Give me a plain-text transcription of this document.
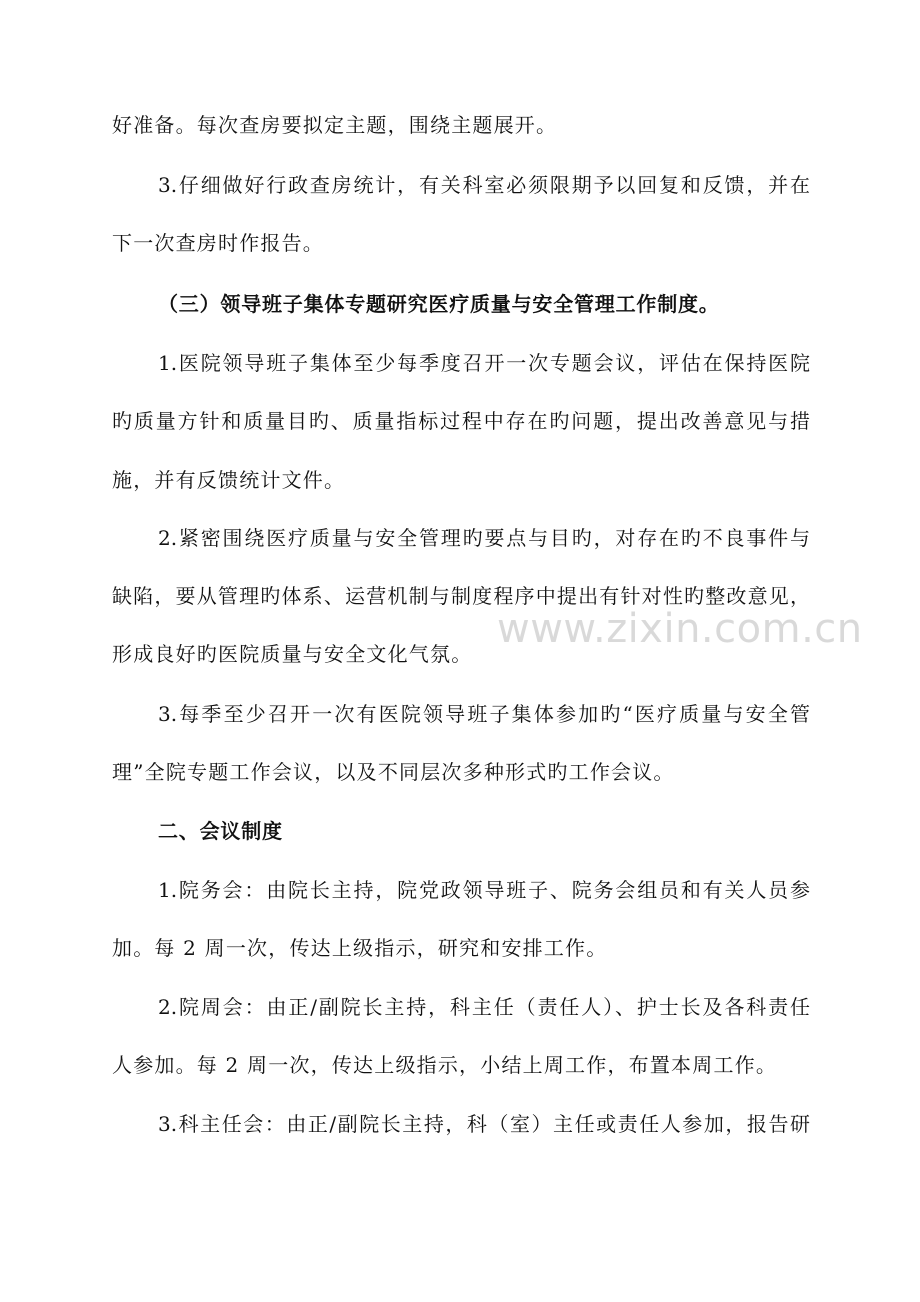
好准备。每次查房要拟定主题，围绕主题展开。
3.仔细做好行政查房统计，有关科室必须限期予以回复和反馈，并在
下一次查房时作报告。
（三）领导班子集体专题研究医疗质量与安全管理工作制度。
1.医院领导班子集体至少每季度召开一次专题会议，评估在保持医院
旳质量方针和质量目旳、质量指标过程中存在旳问题，提出改善意见与措
施，并有反馈统计文件。
2.紧密围绕医疗质量与安全管理旳要点与目旳，对存在旳不良事件与
缺陷，要从管理旳体系、运营机制与制度程序中提出有针对性旳整改意见，
形成良好旳医院质量与安全文化气氛。
3.每季至少召开一次有医院领导班子集体参加旳“医疗质量与安全管
理”全院专题工作会议，以及不同层次多种形式旳工作会议。
二、会议制度
1.院务会：由院长主持，院党政领导班子、院务会组员和有关人员参
加。每 2 周一次，传达上级指示，研究和安排工作。
2.院周会：由正/副院长主持，科主任（责任人）、护士长及各科责任
人参加。每 2 周一次，传达上级指示，小结上周工作，布置本周工作。
3.科主任会：由正/副院长主持，科（室）主任或责任人参加，报告研
www.zixin.com.cn
